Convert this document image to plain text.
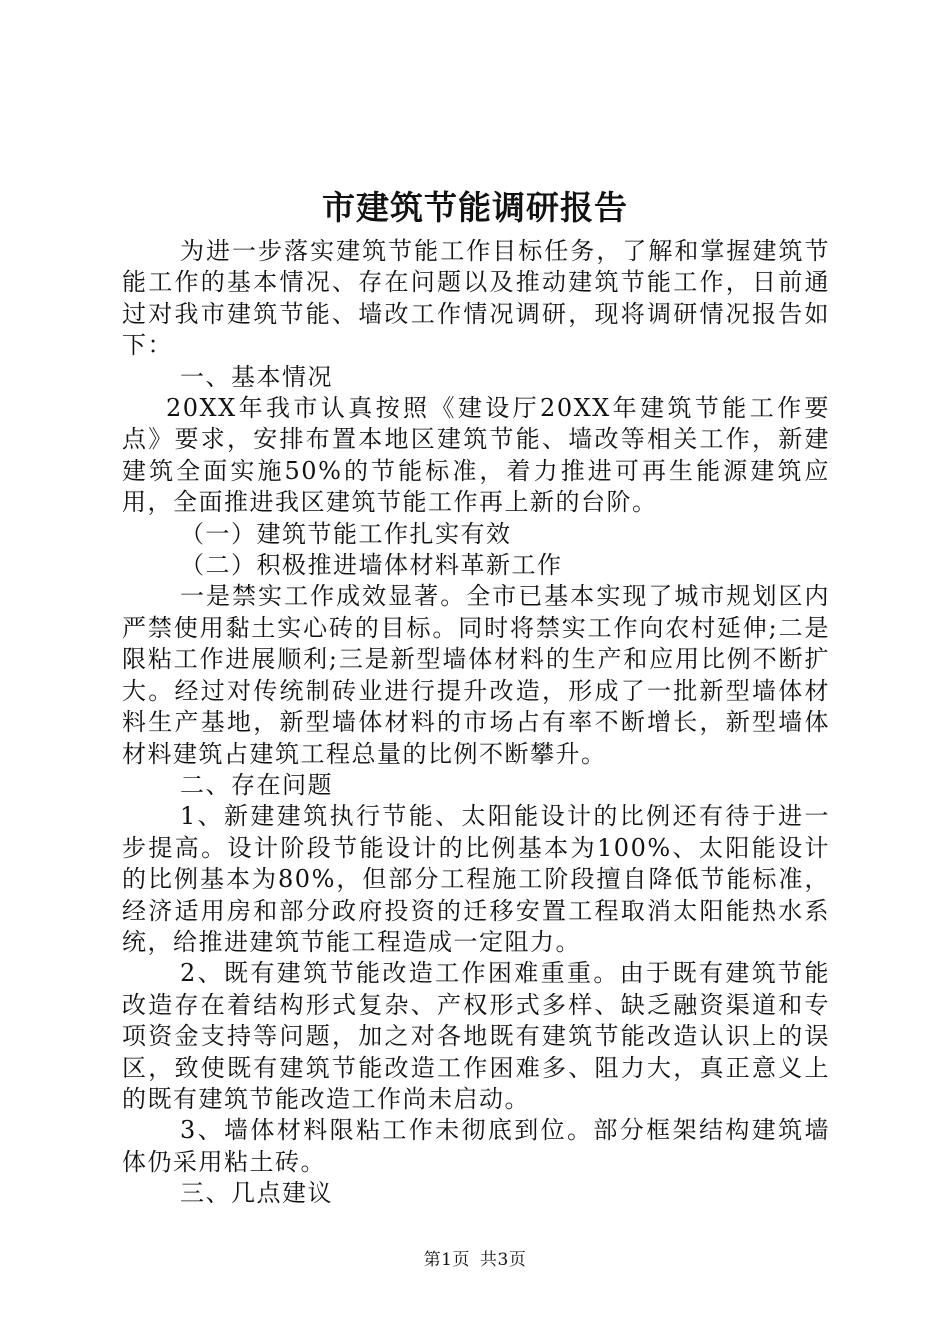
市建筑节能调研报告

为进一步落实建筑节能工作目标任务，了解和掌握建筑节能工作的基本情况、存在问题以及推动建筑节能工作，日前通过对我市建筑节能、墙改工作情况调研，现将调研情况报告如下：

一、基本情况

20XX年我市认真按照《建设厅20XX年建筑节能工作要点》要求，安排布置本地区建筑节能、墙改等相关工作，新建建筑全面实施50%的节能标准，着力推进可再生能源建筑应用，全面推进我区建筑节能工作再上新的台阶。

（一）建筑节能工作扎实有效

（二）积极推进墙体材料革新工作

一是禁实工作成效显著。全市已基本实现了城市规划区内严禁使用黏土实心砖的目标。同时将禁实工作向农村延伸;二是限粘工作进展顺利;三是新型墙体材料的生产和应用比例不断扩大。经过对传统制砖业进行提升改造，形成了一批新型墙体材料生产基地，新型墙体材料的市场占有率不断增长，新型墙体材料建筑占建筑工程总量的比例不断攀升。

二、存在问题

1、新建建筑执行节能、太阳能设计的比例还有待于进一步提高。设计阶段节能设计的比例基本为100%、太阳能设计的比例基本为80%，但部分工程施工阶段擅自降低节能标准，经济适用房和部分政府投资的迁移安置工程取消太阳能热水系统，给推进建筑节能工程造成一定阻力。

2、既有建筑节能改造工作困难重重。由于既有建筑节能改造存在着结构形式复杂、产权形式多样、缺乏融资渠道和专项资金支持等问题，加之对各地既有建筑节能改造认识上的误区，致使既有建筑节能改造工作困难多、阻力大，真正意义上的既有建筑节能改造工作尚未启动。

3、墙体材料限粘工作未彻底到位。部分框架结构建筑墙体仍采用粘土砖。

三、几点建议

第1页 共3页
